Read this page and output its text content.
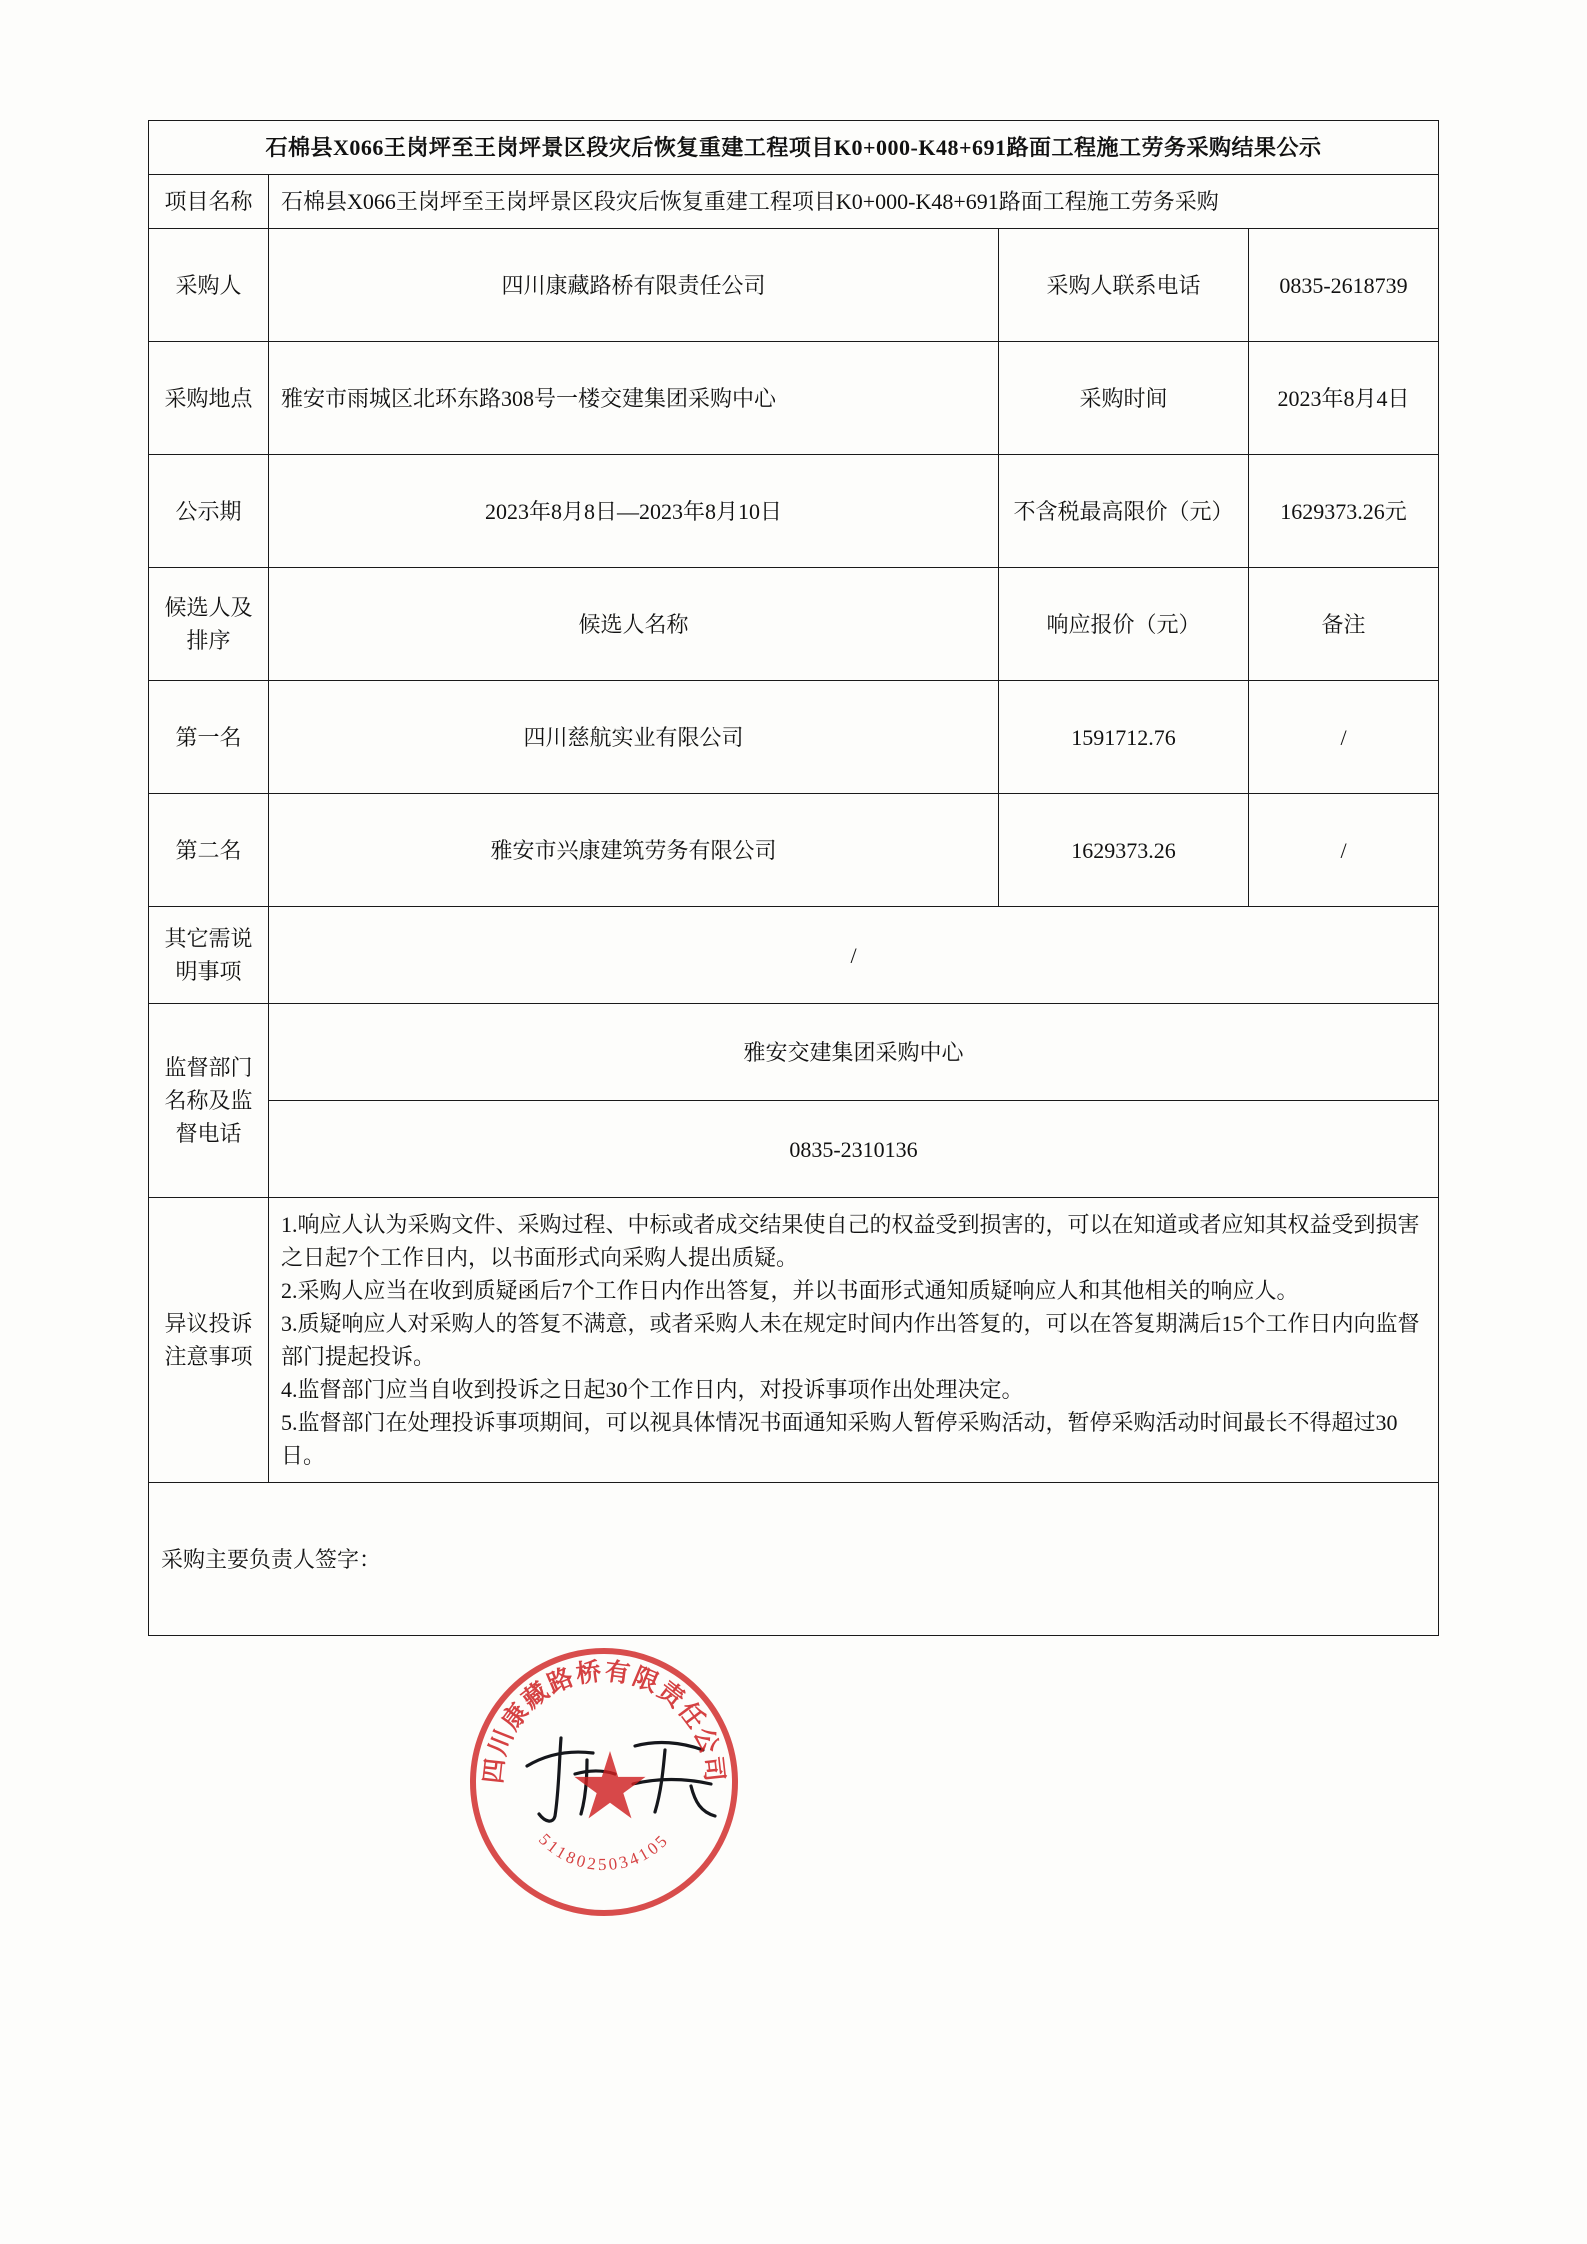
石棉县X066王岗坪至王岗坪景区段灾后恢复重建工程项目K0+000-K48+691路面工程施工劳务采购结果公示			
项目名称	石棉县X066王岗坪至王岗坪景区段灾后恢复重建工程项目K0+000-K48+691路面工程施工劳务采购		
采购人	四川康藏路桥有限责任公司	采购人联系电话	0835-2618739
采购地点	雅安市雨城区北环东路308号一楼交建集团采购中心	采购时间	2023年8月4日
公示期	2023年8月8日—2023年8月10日	不含税最高限价（元）	1629373.26元
候选人及排序	候选人名称	响应报价（元）	备注
第一名	四川慈航实业有限公司	1591712.76	/
第二名	雅安市兴康建筑劳务有限公司	1629373.26	/
其它需说明事项	/		
监督部门名称及监督电话	雅安交建集团采购中心		
	0835-2310136		
异议投诉注意事项	1.响应人认为采购文件、采购过程、中标或者成交结果使自己的权益受到损害的，可以在知道或者应知其权益受到损害之日起7个工作日内，以书面形式向采购人提出质疑。

2.采购人应当在收到质疑函后7个工作日内作出答复，并以书面形式通知质疑响应人和其他相关的响应人。

3.质疑响应人对采购人的答复不满意，或者采购人未在规定时间内作出答复的，可以在答复期满后15个工作日内向监督部门提起投诉。

4.监督部门应当自收到投诉之日起30个工作日内，对投诉事项作出处理决定。

5.监督部门在处理投诉事项期间，可以视具体情况书面通知采购人暂停采购活动，暂停采购活动时间最长不得超过30日。		

采购主要负责人签字：			
四川康藏路桥有限责任公司
5118025034105
